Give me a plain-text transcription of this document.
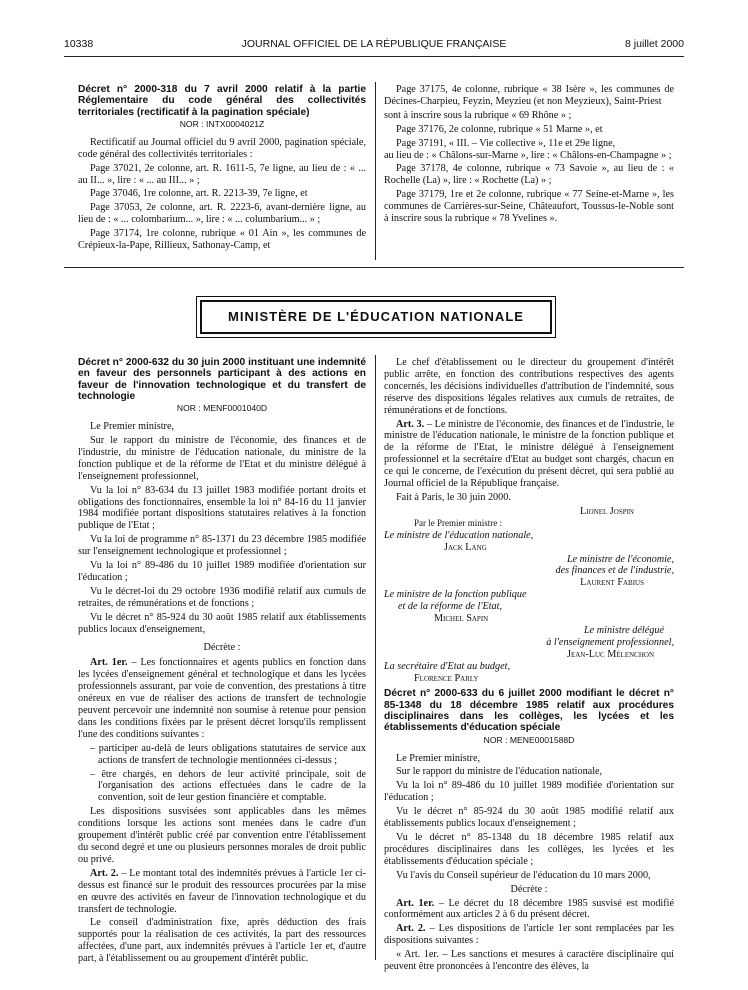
10338	JOURNAL OFFICIEL DE LA RÉPUBLIQUE FRANÇAISE	8 juillet 2000

Décret n° 2000-318 du 7 avril 2000 relatif à la partie Réglementaire du code général des collectivités territoriales (rectificatif à la pagination spéciale)

NOR : INTX0004021Z

Rectificatif au Journal officiel du 9 avril 2000, pagination spéciale, code général des collectivités territoriales :

Page 37021, 2e colonne, art. R. 1611-5, 7e ligne, au lieu de : « ... au II... », lire : « ... au III... » ;

Page 37046, 1re colonne, art. R. 2213-39, 7e ligne, et

Page 37053, 2e colonne, art. R. 2223-6, avant-dernière ligne, au lieu de : « ... colombarium... », lire : « ... columbarium... » ;

Page 37174, 1re colonne, rubrique « 01 Ain », les communes de Crépieux-la-Pape, Rillieux, Sathonay-Camp, et

Page 37175, 4e colonne, rubrique « 38 Isère », les communes de Décines-Charpieu, Feyzin, Meyzieu (et non Meyzieux), Saint-Priest

sont à inscrire sous la rubrique « 69 Rhône » ;

Page 37176, 2e colonne, rubrique « 51 Marne », et

Page 37191, « III. – Vie collective », 11e et 29e ligne,

au lieu de : « Châlons-sur-Marne », lire : « Châlons-en-Champagne » ;

Page 37178, 4e colonne, rubrique « 73 Savoie », au lieu de : « Rochelle (La) », lire : « Rochette (La) » ;

Page 37179, 1re et 2e colonne, rubrique « 77 Seine-et-Marne », les communes de Carrières-sur-Seine, Châteaufort, Toussus-le-Noble sont à inscrire sous la rubrique « 78 Yvelines ».

MINISTÈRE DE L'ÉDUCATION NATIONALE

Décret n° 2000-632 du 30 juin 2000 instituant une indemnité en faveur des personnels participant à des actions en faveur de l'innovation technologique et du transfert de technologie

NOR : MENF0001040D

Le Premier ministre,

Sur le rapport du ministre de l'économie, des finances et de l'industrie, du ministre de l'éducation nationale, du ministre de la fonction publique et de la réforme de l'Etat et du ministre délégué à l'enseignement professionnel,

Vu la loi n° 83-634 du 13 juillet 1983 modifiée portant droits et obligations des fonctionnaires, ensemble la loi n° 84-16 du 11 janvier 1984 modifiée portant dispositions statutaires relatives à la fonction publique de l'Etat ;

Vu la loi de programme n° 85-1371 du 23 décembre 1985 modifiée sur l'enseignement technologique et professionnel ;

Vu la loi n° 89-486 du 10 juillet 1989 modifiée d'orientation sur l'éducation ;

Vu le décret-loi du 29 octobre 1936 modifié relatif aux cumuls de retraites, de rémunérations et de fonctions ;

Vu le décret n° 85-924 du 30 août 1985 relatif aux établissements publics locaux d'enseignement,

Décrète :

Art. 1er. – Les fonctionnaires et agents publics en fonction dans les lycées d'enseignement général et technologique et dans les lycées professionnels assurant, par voie de convention, des prestations à titre onéreux en vue de réaliser des actions de transfert de technologie peuvent percevoir une indemnité non soumise à retenue pour pension dans les conditions fixées par le présent décret lorsqu'ils remplissent l'une des conditions suivantes :

– participer au-delà de leurs obligations statutaires de service aux actions de transfert de technologie mentionnées ci-dessus ;

– être chargés, en dehors de leur activité principale, soit de l'organisation des actions effectuées dans le cadre de la convention, soit de leur gestion financière et comptable.

Les dispositions susvisées sont applicables dans les mêmes conditions lorsque les actions sont menées dans le cadre d'un groupement d'intérêt public créé par convention entre l'établissement du second degré et une ou plusieurs personnes morales de droit public ou privé.

Art. 2. – Le montant total des indemnités prévues à l'article 1er ci-dessus est financé sur le produit des ressources procurées par la mise en œuvre des activités en faveur de l'innovation technologique et du transfert de technologie.

Le conseil d'administration fixe, après déduction des frais supportés pour la réalisation de ces activités, la part des ressources affectées, d'une part, aux indemnités prévues à l'article 1er et, d'autre part, à l'établissement ou au groupement d'intérêt public.

Le chef d'établissement ou le directeur du groupement d'intérêt public arrête, en fonction des contributions respectives des agents concernés, les décisions individuelles d'attribution de l'indemnité, sous réserve des dispositions légales relatives aux cumuls de retraites, de rémunérations et de fonctions.

Art. 3. – Le ministre de l'économie, des finances et de l'industrie, le ministre de l'éducation nationale, le ministre de la fonction publique et de la réforme de l'Etat, le ministre délégué à l'enseignement professionnel et la secrétaire d'Etat au budget sont chargés, chacun en ce qui le concerne, de l'exécution du présent décret, qui sera publié au Journal officiel de la République française.

Fait à Paris, le 30 juin 2000.

Lionel Jospin

Par le Premier ministre :

Le ministre de l'éducation nationale,

Jack Lang

Le ministre de l'économie,

des finances et de l'industrie,

Laurent Fabius

Le ministre de la fonction publique

et de la réforme de l'Etat,

Michel Sapin

Le ministre délégué

à l'enseignement professionnel,

Jean-Luc Mélenchon

La secrétaire d'Etat au budget,

Florence Parly

Décret n° 2000-633 du 6 juillet 2000 modifiant le décret n° 85-1348 du 18 décembre 1985 relatif aux procédures disciplinaires dans les collèges, les lycées et les établissements d'éducation spéciale

NOR : MENE0001588D

Le Premier ministre,

Sur le rapport du ministre de l'éducation nationale,

Vu la loi n° 89-486 du 10 juillet 1989 modifiée d'orientation sur l'éducation ;

Vu le décret n° 85-924 du 30 août 1985 modifié relatif aux établissements publics locaux d'enseignement ;

Vu le décret n° 85-1348 du 18 décembre 1985 relatif aux procédures disciplinaires dans les collèges, les lycées et les établissements d'éducation spéciale ;

Vu l'avis du Conseil supérieur de l'éducation du 10 mars 2000,

Décrète :

Art. 1er. – Le décret du 18 décembre 1985 susvisé est modifié conformément aux articles 2 à 6 du présent décret.

Art. 2. – Les dispositions de l'article 1er sont remplacées par les dispositions suivantes :

« Art. 1er. – Les sanctions et mesures à caractère disciplinaire qui peuvent être prononcées à l'encontre des élèves, la
